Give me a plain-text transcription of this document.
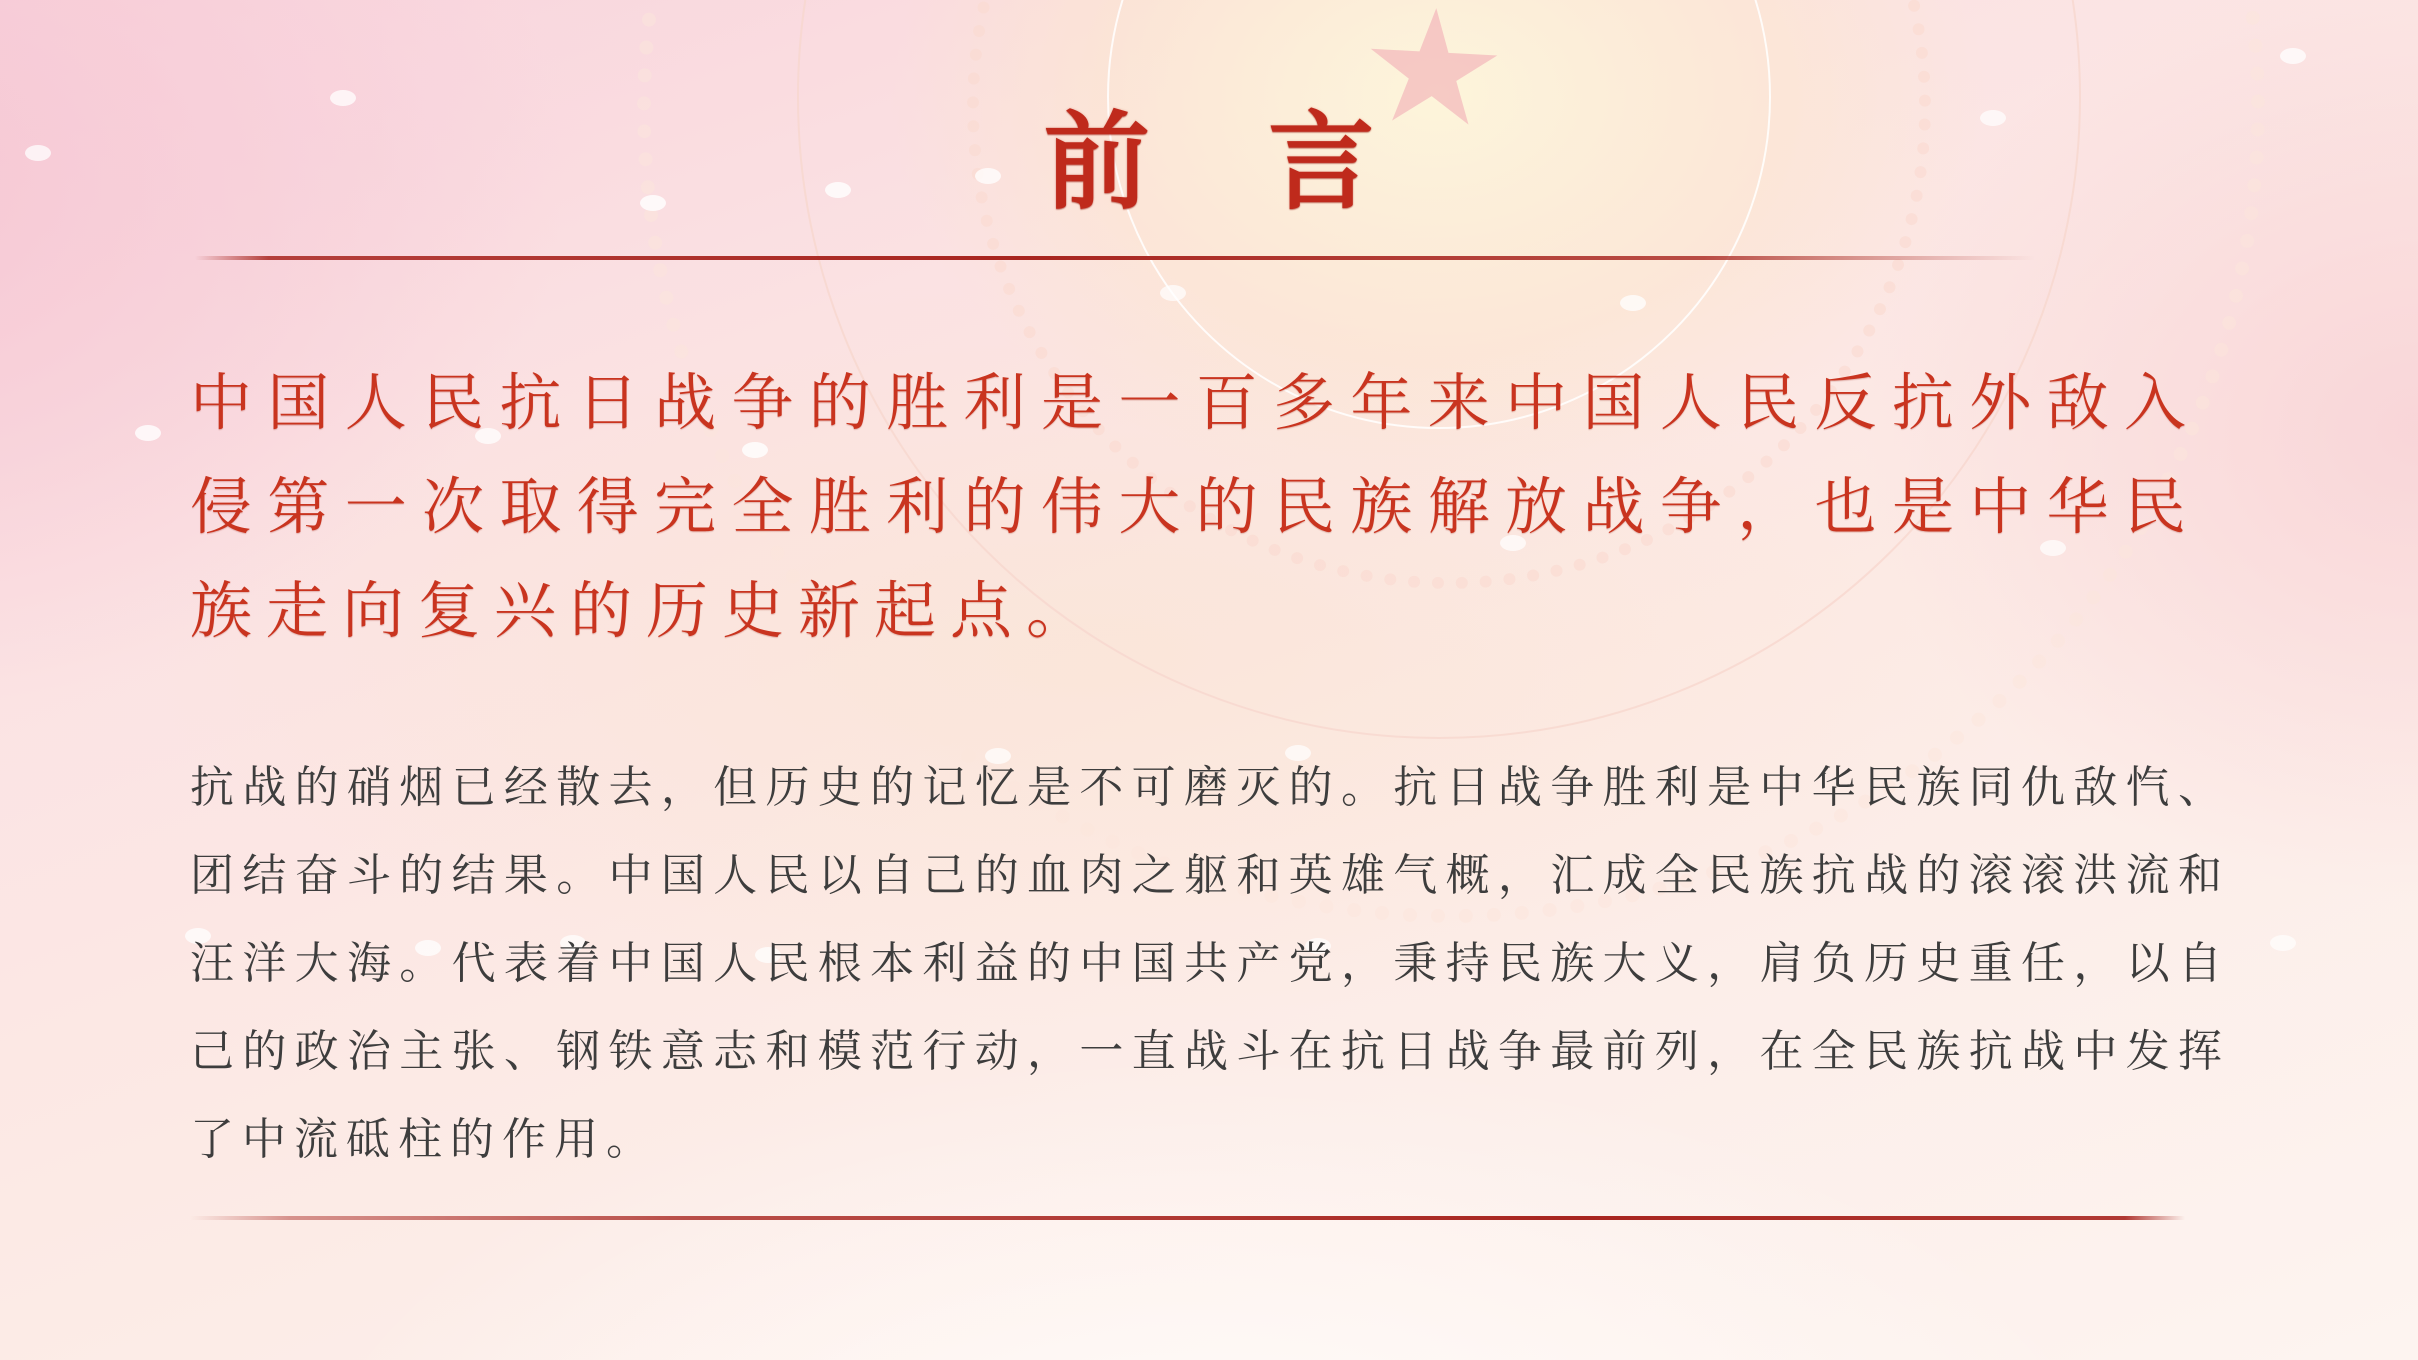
前 言
中国人民抗日战争的胜利是一百多年来中国人民反抗外敌入侵第一次取得完全胜利的伟大的民族解放战争，也是中华民族走向复兴的历史新起点。
抗战的硝烟已经散去，但历史的记忆是不可磨灭的。抗日战争胜利是中华民族同仇敌忾、团结奋斗的结果。中国人民以自己的血肉之躯和英雄气概，汇成全民族抗战的滚滚洪流和汪洋大海。代表着中国人民根本利益的中国共产党，秉持民族大义，肩负历史重任，以自己的政治主张、钢铁意志和模范行动，一直战斗在抗日战争最前列，在全民族抗战中发挥了中流砥柱的作用。
